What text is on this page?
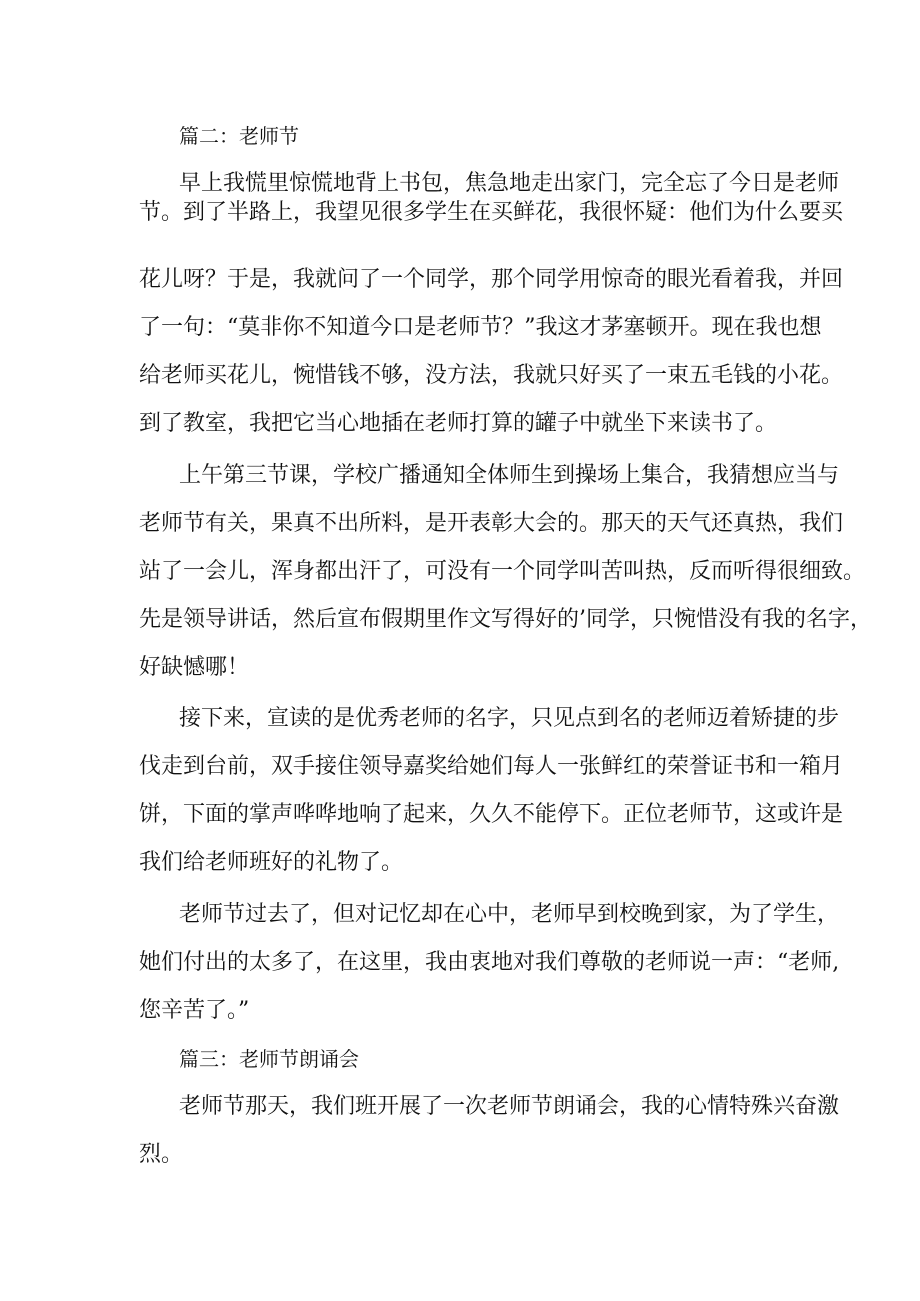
篇二：老师节
早上我慌里惊慌地背上书包，焦急地走出家门，完全忘了今日是老师
节。到了半路上，我望见很多学生在买鲜花，我很怀疑：他们为什么要买
花儿呀？于是，我就问了一个同学，那个同学用惊奇的眼光看着我，并回
了一句：“莫非你不知道今口是老师节？”我这才茅塞顿开。现在我也想
给老师买花儿，惋惜钱不够，没方法，我就只好买了一束五毛钱的小花。
到了教室，我把它当心地插在老师打算的罐子中就坐下来读书了。
上午第三节课，学校广播通知全体师生到操场上集合，我猜想应当与
老师节有关，果真不出所料，是开表彰大会的。那天的天气还真热，我们
站了一会儿，浑身都出汗了，可没有一个同学叫苦叫热，反而听得很细致。
先是领导讲话，然后宣布假期里作文写得好的’同学，只惋惜没有我的名字，
好缺憾哪！
接下来，宣读的是优秀老师的名字，只见点到名的老师迈着矫捷的步
伐走到台前，双手接住领导嘉奖给她们每人一张鲜红的荣誉证书和一箱月
饼，下面的掌声哗哗地响了起来，久久不能停下。正位老师节，这或许是
我们给老师班好的礼物了。
老师节过去了，但对记忆却在心中，老师早到校晚到家，为了学生，
她们付出的太多了，在这里，我由衷地对我们尊敬的老师说一声：“老师,
您辛苦了。”
篇三：老师节朗诵会
老师节那天，我们班开展了一次老师节朗诵会，我的心情特殊兴奋激
烈。
